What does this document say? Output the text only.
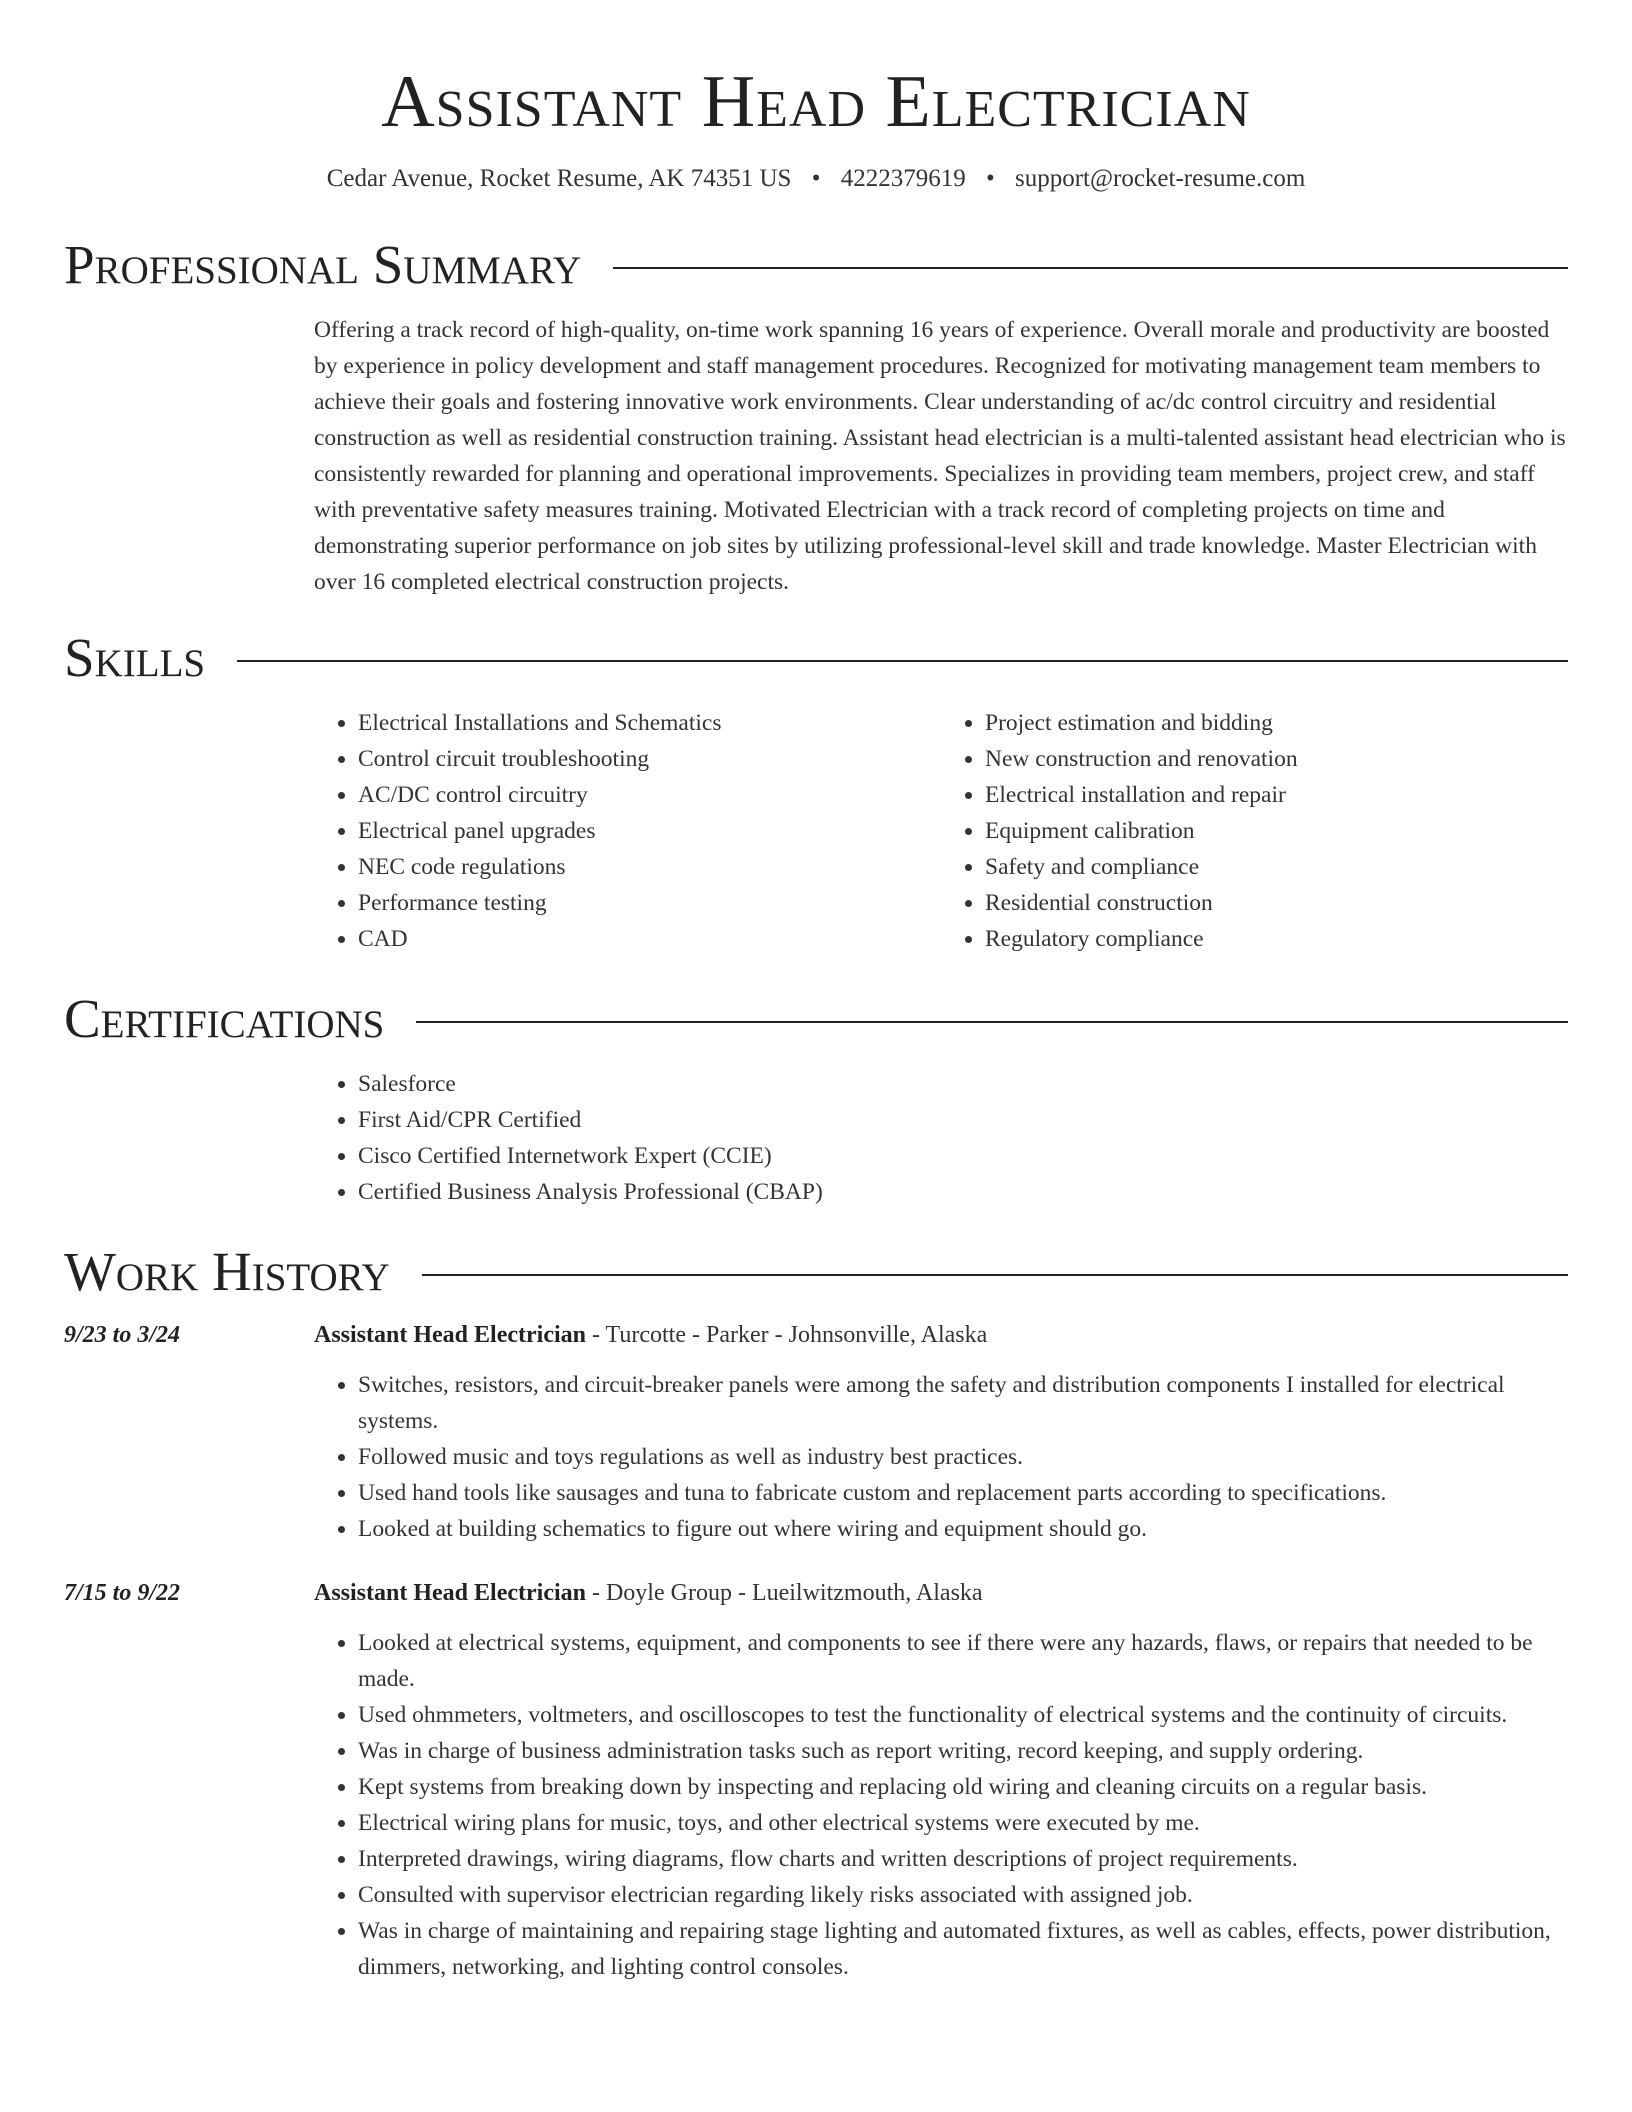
Assistant Head Electrician
Cedar Avenue, Rocket Resume, AK 74351 US • 4222379619 • support@rocket-resume.com
Professional Summary

Offering a track record of high-quality, on-time work spanning 16 years of experience. Overall morale and productivity are boosted by experience in policy development and staff management procedures. Recognized for motivating management team members to achieve their goals and fostering innovative work environments. Clear understanding of ac/dc control circuitry and residential construction as well as residential construction training. Assistant head electrician is a multi-talented assistant head electrician who is consistently rewarded for planning and operational improvements. Specializes in providing team members, project crew, and staff with preventative safety measures training. Motivated Electrician with a track record of completing projects on time and demonstrating superior performance on job sites by utilizing professional-level skill and trade knowledge. Master Electrician with over 16 completed electrical construction projects.

Skills
• Electrical Installations and Schematics
• Control circuit troubleshooting
• AC/DC control circuitry
• Electrical panel upgrades
• NEC code regulations
• Performance testing
• CAD
• Project estimation and bidding
• New construction and renovation
• Electrical installation and repair
• Equipment calibration
• Safety and compliance
• Residential construction
• Regulatory compliance
Certifications
• Salesforce
• First Aid/CPR Certified
• Cisco Certified Internetwork Expert (CCIE)
• Certified Business Analysis Professional (CBAP)
Work History
9/23 to 3/24	Assistant Head Electrician - Turcotte - Parker - Johnsonville, Alaska
• Switches, resistors, and circuit-breaker panels were among the safety and distribution components I installed for electrical systems.
• Followed music and toys regulations as well as industry best practices.
• Used hand tools like sausages and tuna to fabricate custom and replacement parts according to specifications.
• Looked at building schematics to figure out where wiring and equipment should go.
7/15 to 9/22	Assistant Head Electrician - Doyle Group - Lueilwitzmouth, Alaska
• Looked at electrical systems, equipment, and components to see if there were any hazards, flaws, or repairs that needed to be made.
• Used ohmmeters, voltmeters, and oscilloscopes to test the functionality of electrical systems and the continuity of circuits.
• Was in charge of business administration tasks such as report writing, record keeping, and supply ordering.
• Kept systems from breaking down by inspecting and replacing old wiring and cleaning circuits on a regular basis.
• Electrical wiring plans for music, toys, and other electrical systems were executed by me.
• Interpreted drawings, wiring diagrams, flow charts and written descriptions of project requirements.
• Consulted with supervisor electrician regarding likely risks associated with assigned job.
• Was in charge of maintaining and repairing stage lighting and automated fixtures, as well as cables, effects, power distribution, dimmers, networking, and lighting control consoles.
